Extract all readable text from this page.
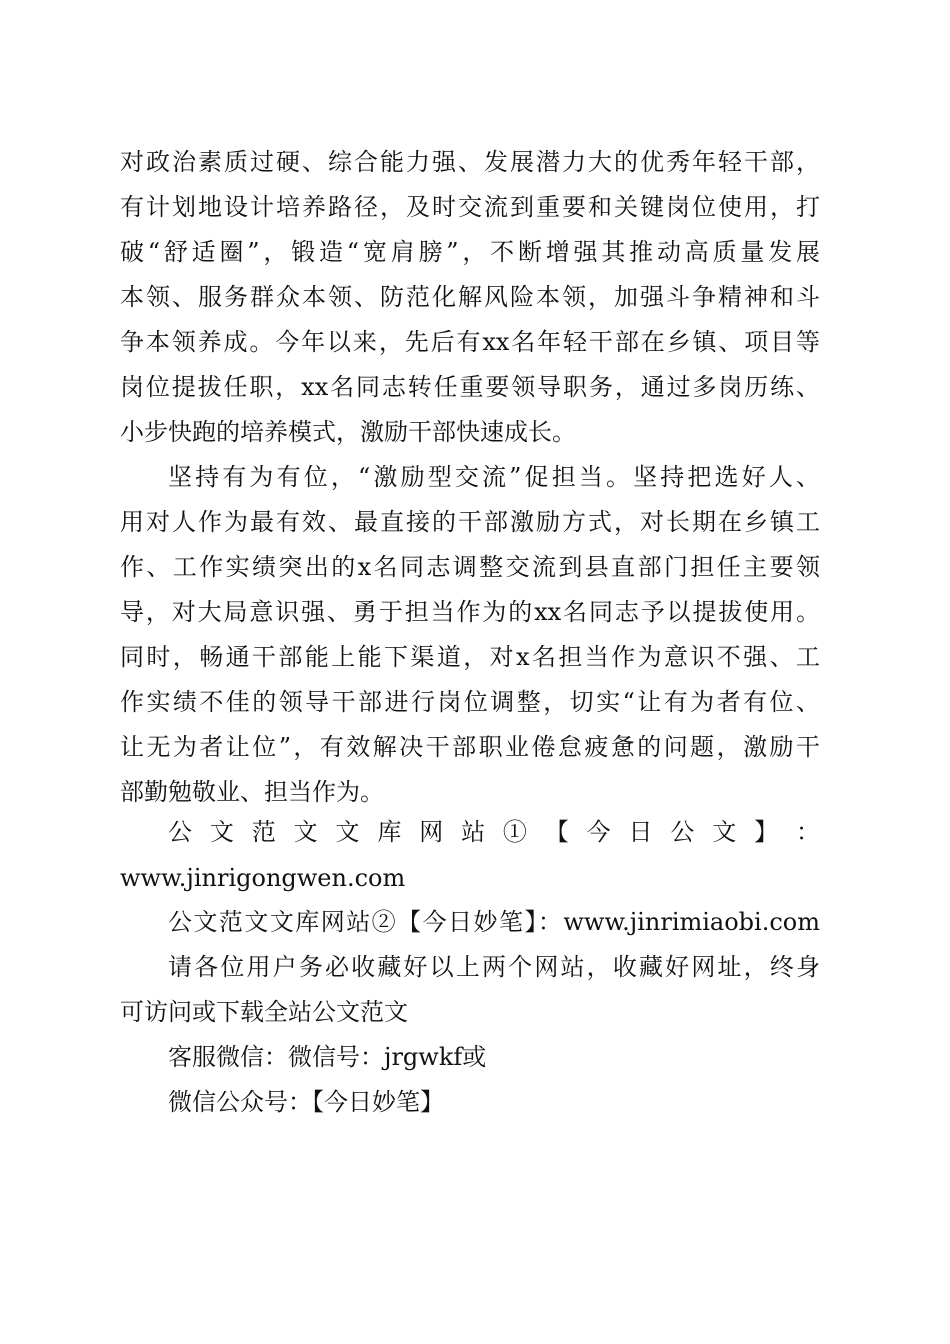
对政治素质过硬、综合能力强、发展潜力大的优秀年轻干部，
有计划地设计培养路径，及时交流到重要和关键岗位使用，打
破“舒适圈”，锻造“宽肩膀”，不断增强其推动高质量发展
本领、服务群众本领、防范化解风险本领，加强斗争精神和斗
争本领养成。今年以来，先后有xx名年轻干部在乡镇、项目等
岗位提拔任职，xx名同志转任重要领导职务，通过多岗历练、
小步快跑的培养模式，激励干部快速成长。
坚持有为有位，“激励型交流”促担当。坚持把选好人、
用对人作为最有效、最直接的干部激励方式，对长期在乡镇工
作、工作实绩突出的x名同志调整交流到县直部门担任主要领
导，对大局意识强、勇于担当作为的xx名同志予以提拔使用。
同时，畅通干部能上能下渠道，对x名担当作为意识不强、工
作实绩不佳的领导干部进行岗位调整，切实“让有为者有位、
让无为者让位”，有效解决干部职业倦怠疲惫的问题，激励干
部勤勉敬业、担当作为。
公 文 范 文 文 库 网 站 ① 【 今 日 公 文 】 ：
www.jinrigongwen.com
公文范文文库网站②【今日妙笔】：www.jinrimiaobi.com
请各位用户务必收藏好以上两个网站，收藏好网址，终身
可访问或下载全站公文范文
客服微信：微信号：jrgwkf或
微信公众号：【今日妙笔】
